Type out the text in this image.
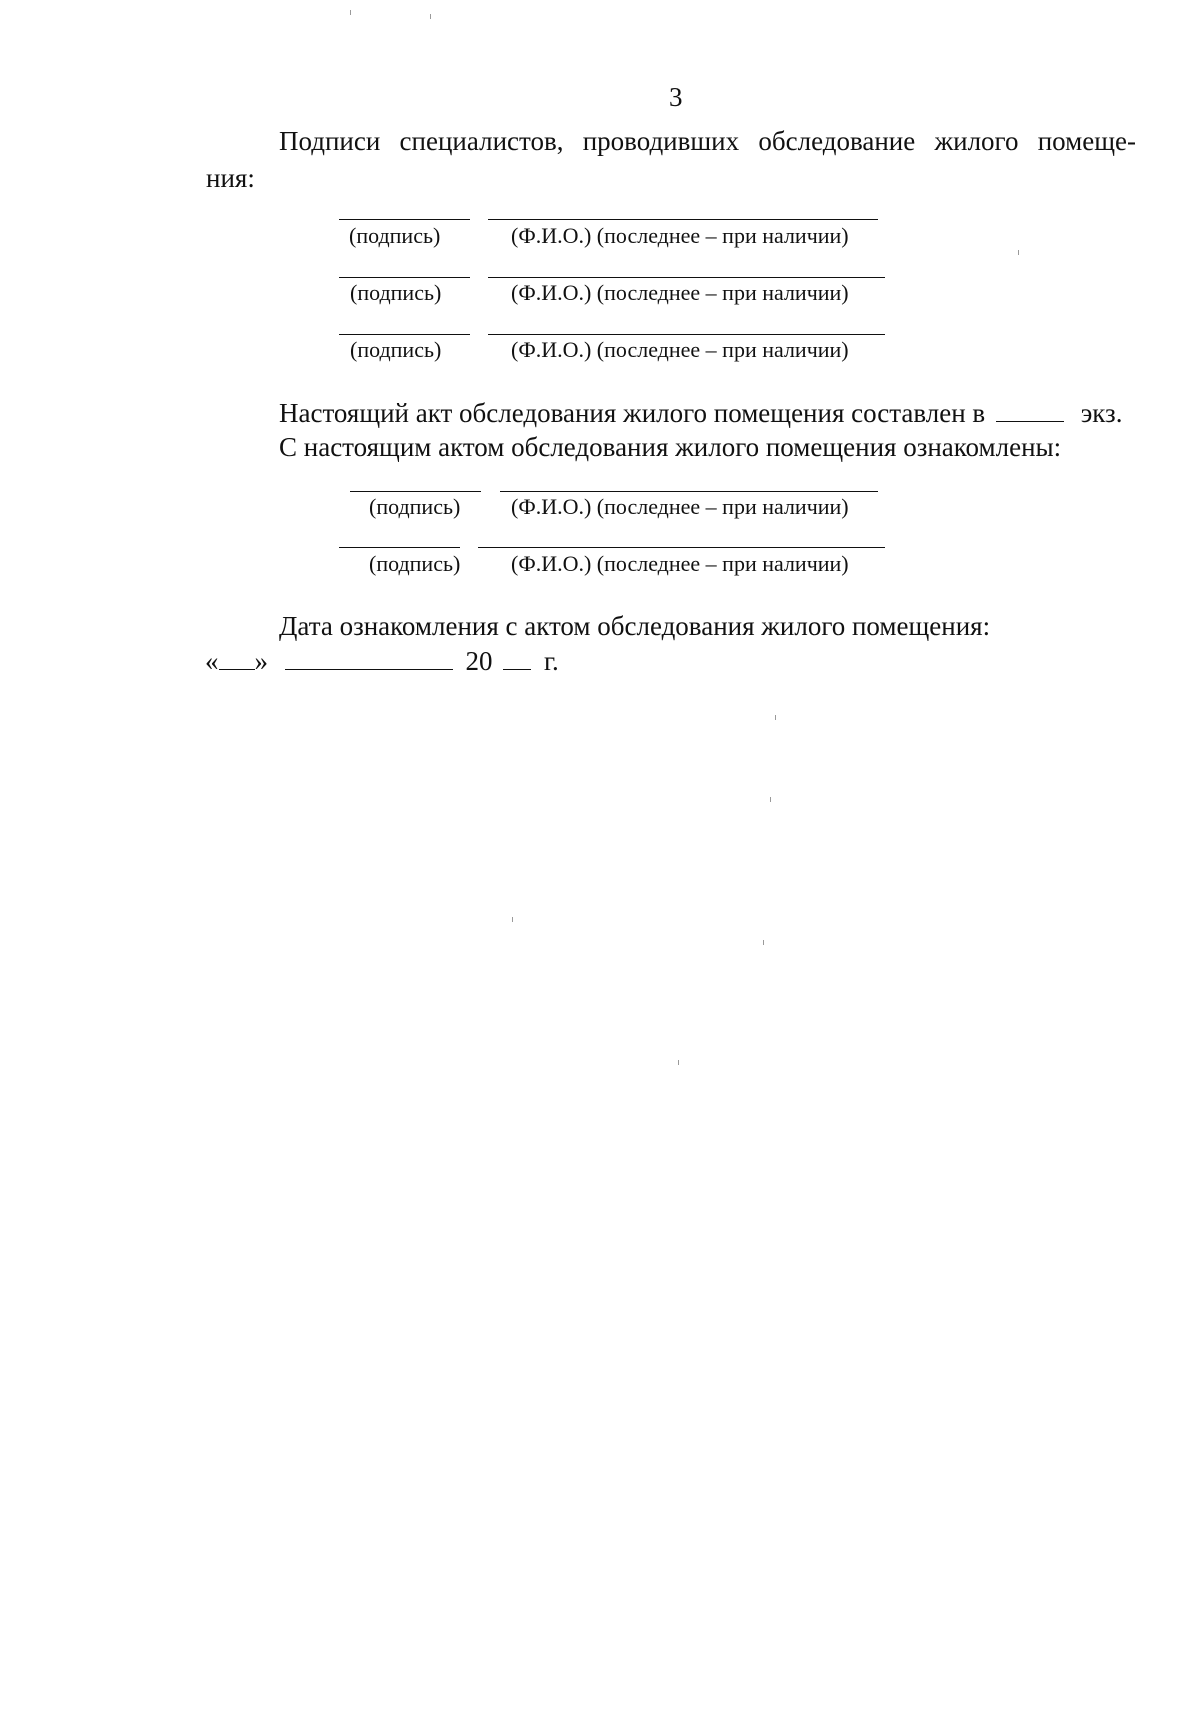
3
Подписи специалистов, проводивших обследование жилого помеще-
ния:
(подпись)	(Ф.И.О.) (последнее – при наличии)
(подпись)	(Ф.И.О.) (последнее – при наличии)
(подпись)	(Ф.И.О.) (последнее – при наличии)
Настоящий акт обследования жилого помещения составлен в	экз.
С настоящим актом обследования жилого помещения ознакомлены:
(подпись) (Ф.И.О.) (последнее – при наличии)
(подпись) (Ф.И.О.) (последнее – при наличии)
Дата ознакомления с актом обследования жилого помещения:
« »	20 г.
